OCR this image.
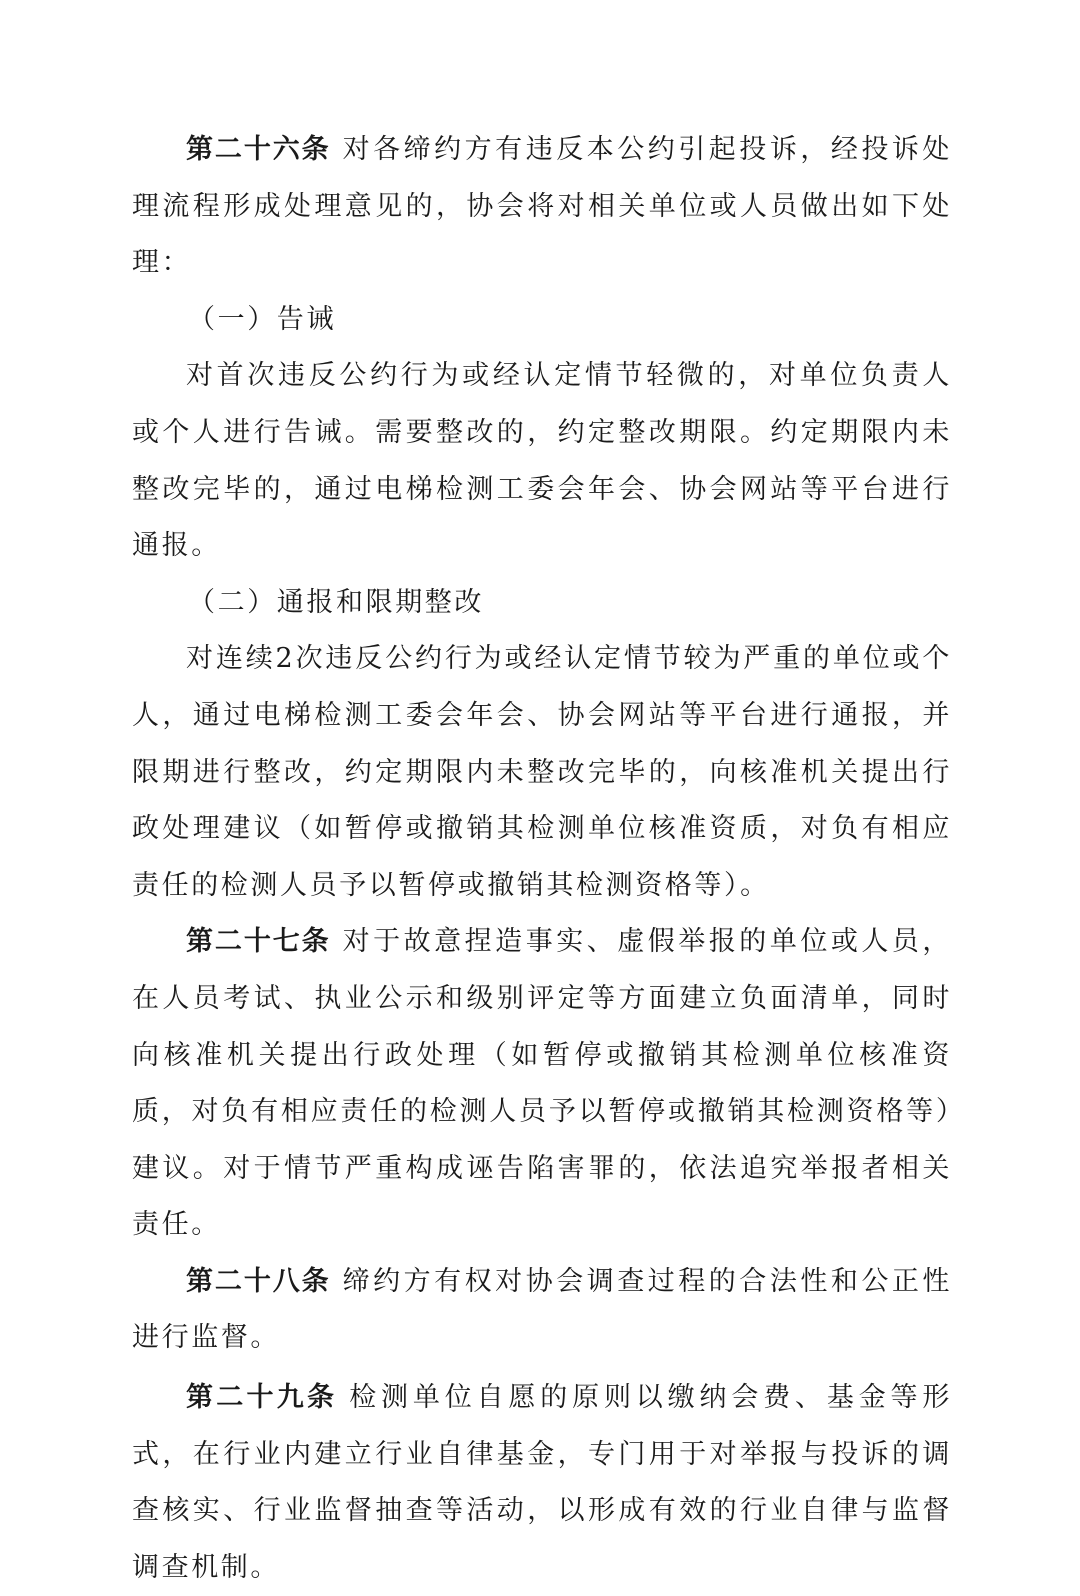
第二十六条 对各缔约方有违反本公约引起投诉，经投诉处理流程形成处理意见的，协会将对相关单位或人员做出如下处理：

（一）告诫

对首次违反公约行为或经认定情节轻微的，对单位负责人或个人进行告诫。需要整改的，约定整改期限。约定期限内未整改完毕的，通过电梯检测工委会年会、协会网站等平台进行通报。

（二）通报和限期整改

对连续2次违反公约行为或经认定情节较为严重的单位或个人，通过电梯检测工委会年会、协会网站等平台进行通报，并限期进行整改，约定期限内未整改完毕的，向核准机关提出行政处理建议（如暂停或撤销其检测单位核准资质，对负有相应责任的检测人员予以暂停或撤销其检测资格等）。

第二十七条 对于故意捏造事实、虚假举报的单位或人员，在人员考试、执业公示和级别评定等方面建立负面清单，同时向核准机关提出行政处理（如暂停或撤销其检测单位核准资质，对负有相应责任的检测人员予以暂停或撤销其检测资格等）建议。对于情节严重构成诬告陷害罪的，依法追究举报者相关责任。

第二十八条 缔约方有权对协会调查过程的合法性和公正性进行监督。

第二十九条 检测单位自愿的原则以缴纳会费、基金等形式，在行业内建立行业自律基金，专门用于对举报与投诉的调查核实、行业监督抽查等活动，以形成有效的行业自律与监督调查机制。
